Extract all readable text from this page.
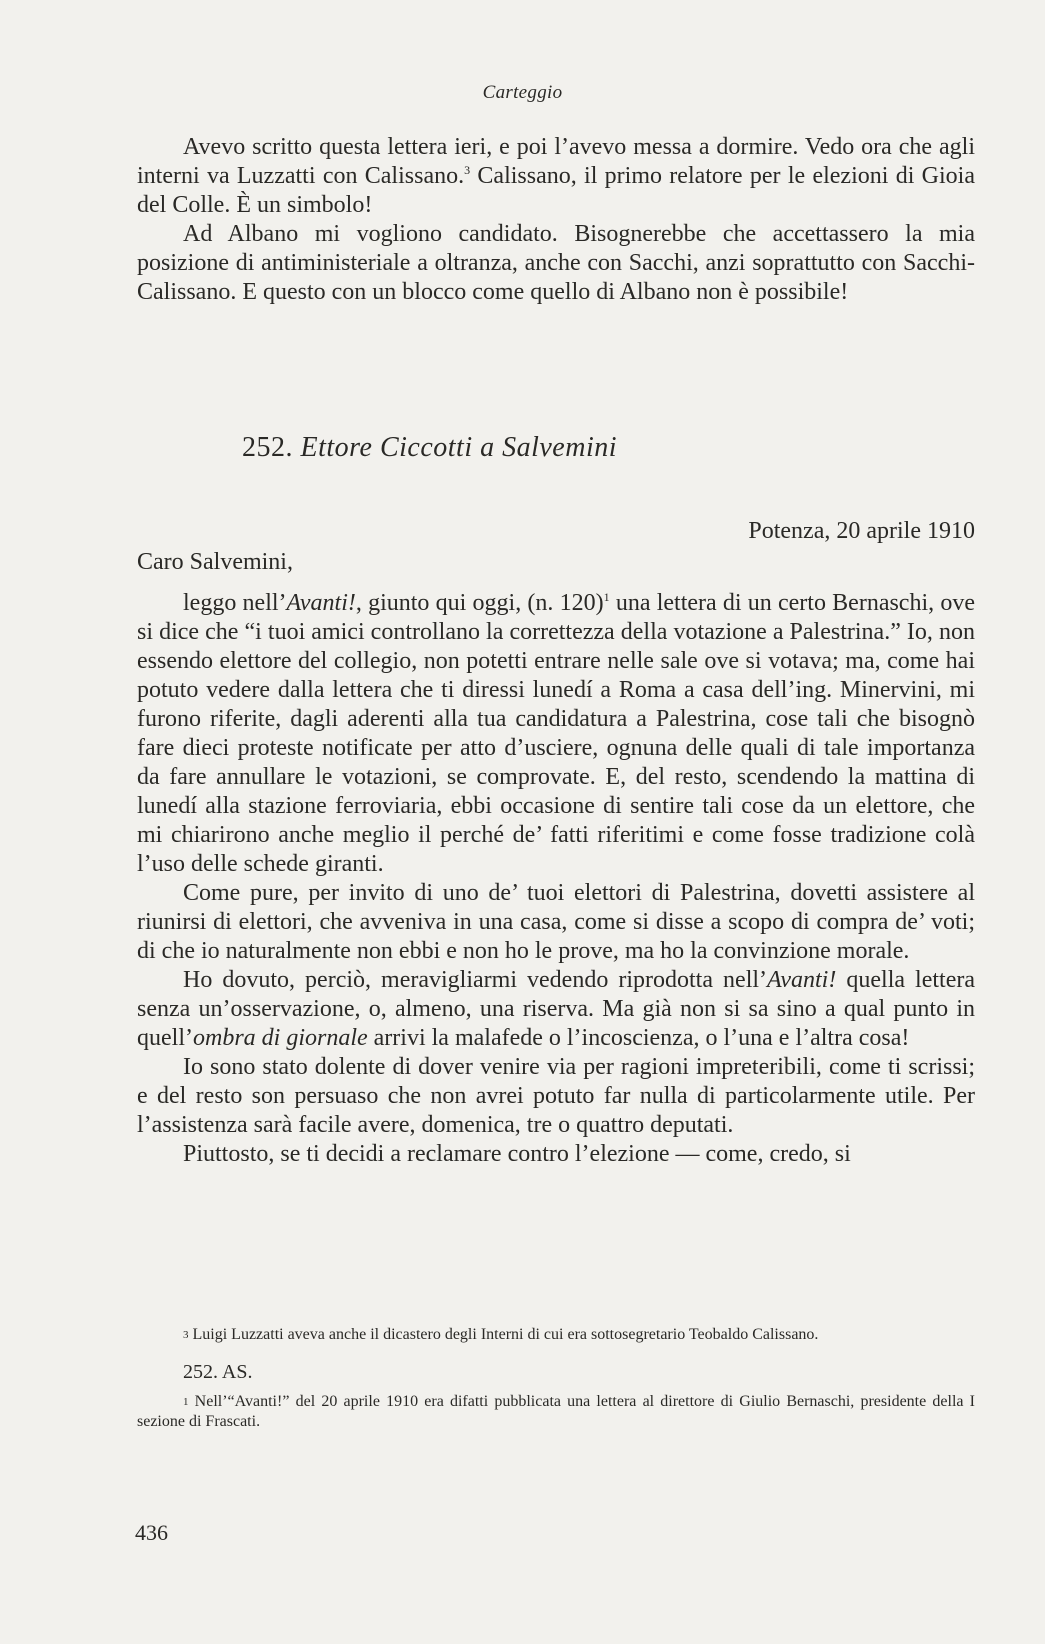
Carteggio

Avevo scritto questa lettera ieri, e poi l’avevo messa a dormire. Vedo ora che agli interni va Luzzatti con Calissano.$^3$ Calissano, il primo relatore per le elezioni di Gioia del Colle. È un simbolo!

Ad Albano mi vogliono candidato. Bisognerebbe che accettassero la mia posizione di antiministeriale a oltranza, anche con Sacchi, anzi soprattutto con Sacchi-Calissano. E questo con un blocco come quello di Albano non è possibile!

252. Ettore Ciccotti a Salvemini
Potenza, 20 aprile 1910
Caro Salvemini,

leggo nell’Avanti!, giunto qui oggi, (n. 120)$^1$ una lettera di un certo Bernaschi, ove si dice che “i tuoi amici controllano la correttezza della votazione a Palestrina.” Io, non essendo elettore del collegio, non potetti entrare nelle sale ove si votava; ma, come hai potuto vedere dalla lettera che ti diressi lunedí a Roma a casa dell’ing. Minervini, mi furono riferite, dagli aderenti alla tua candidatura a Palestrina, cose tali che bisognò fare dieci proteste notificate per atto d’usciere, ognuna delle quali di tale importanza da fare annullare le votazioni, se comprovate. E, del resto, scendendo la mattina di lunedí alla stazione ferroviaria, ebbi occasione di sentire tali cose da un elettore, che mi chiarirono anche meglio il perché de’ fatti riferitimi e come fosse tradizione colà l’uso delle schede giranti.

Come pure, per invito di uno de’ tuoi elettori di Palestrina, dovetti assistere al riunirsi di elettori, che avveniva in una casa, come si disse a scopo di compra de’ voti; di che io naturalmente non ebbi e non ho le prove, ma ho la convinzione morale.

Ho dovuto, perciò, meravigliarmi vedendo riprodotta nell’Avanti! quella lettera senza un’osservazione, o, almeno, una riserva. Ma già non si sa sino a qual punto in quell’ombra di giornale arrivi la malafede o l’incoscienza, o l’una e l’altra cosa!

Io sono stato dolente di dover venire via per ragioni impreteribili, come ti scrissi; e del resto son persuaso che non avrei potuto far nulla di particolarmente utile. Per l’assistenza sarà facile avere, domenica, tre o quattro deputati.

Piuttosto, se ti decidi a reclamare contro l’elezione — come, credo, si

$^3$ Luigi Luzzatti aveva anche il dicastero degli Interni di cui era sottosegretario Teobaldo Calissano.

252. AS.

$^1$ Nell’“Avanti!” del 20 aprile 1910 era difatti pubblicata una lettera al direttore di Giulio Bernaschi, presidente della I sezione di Frascati.

436
